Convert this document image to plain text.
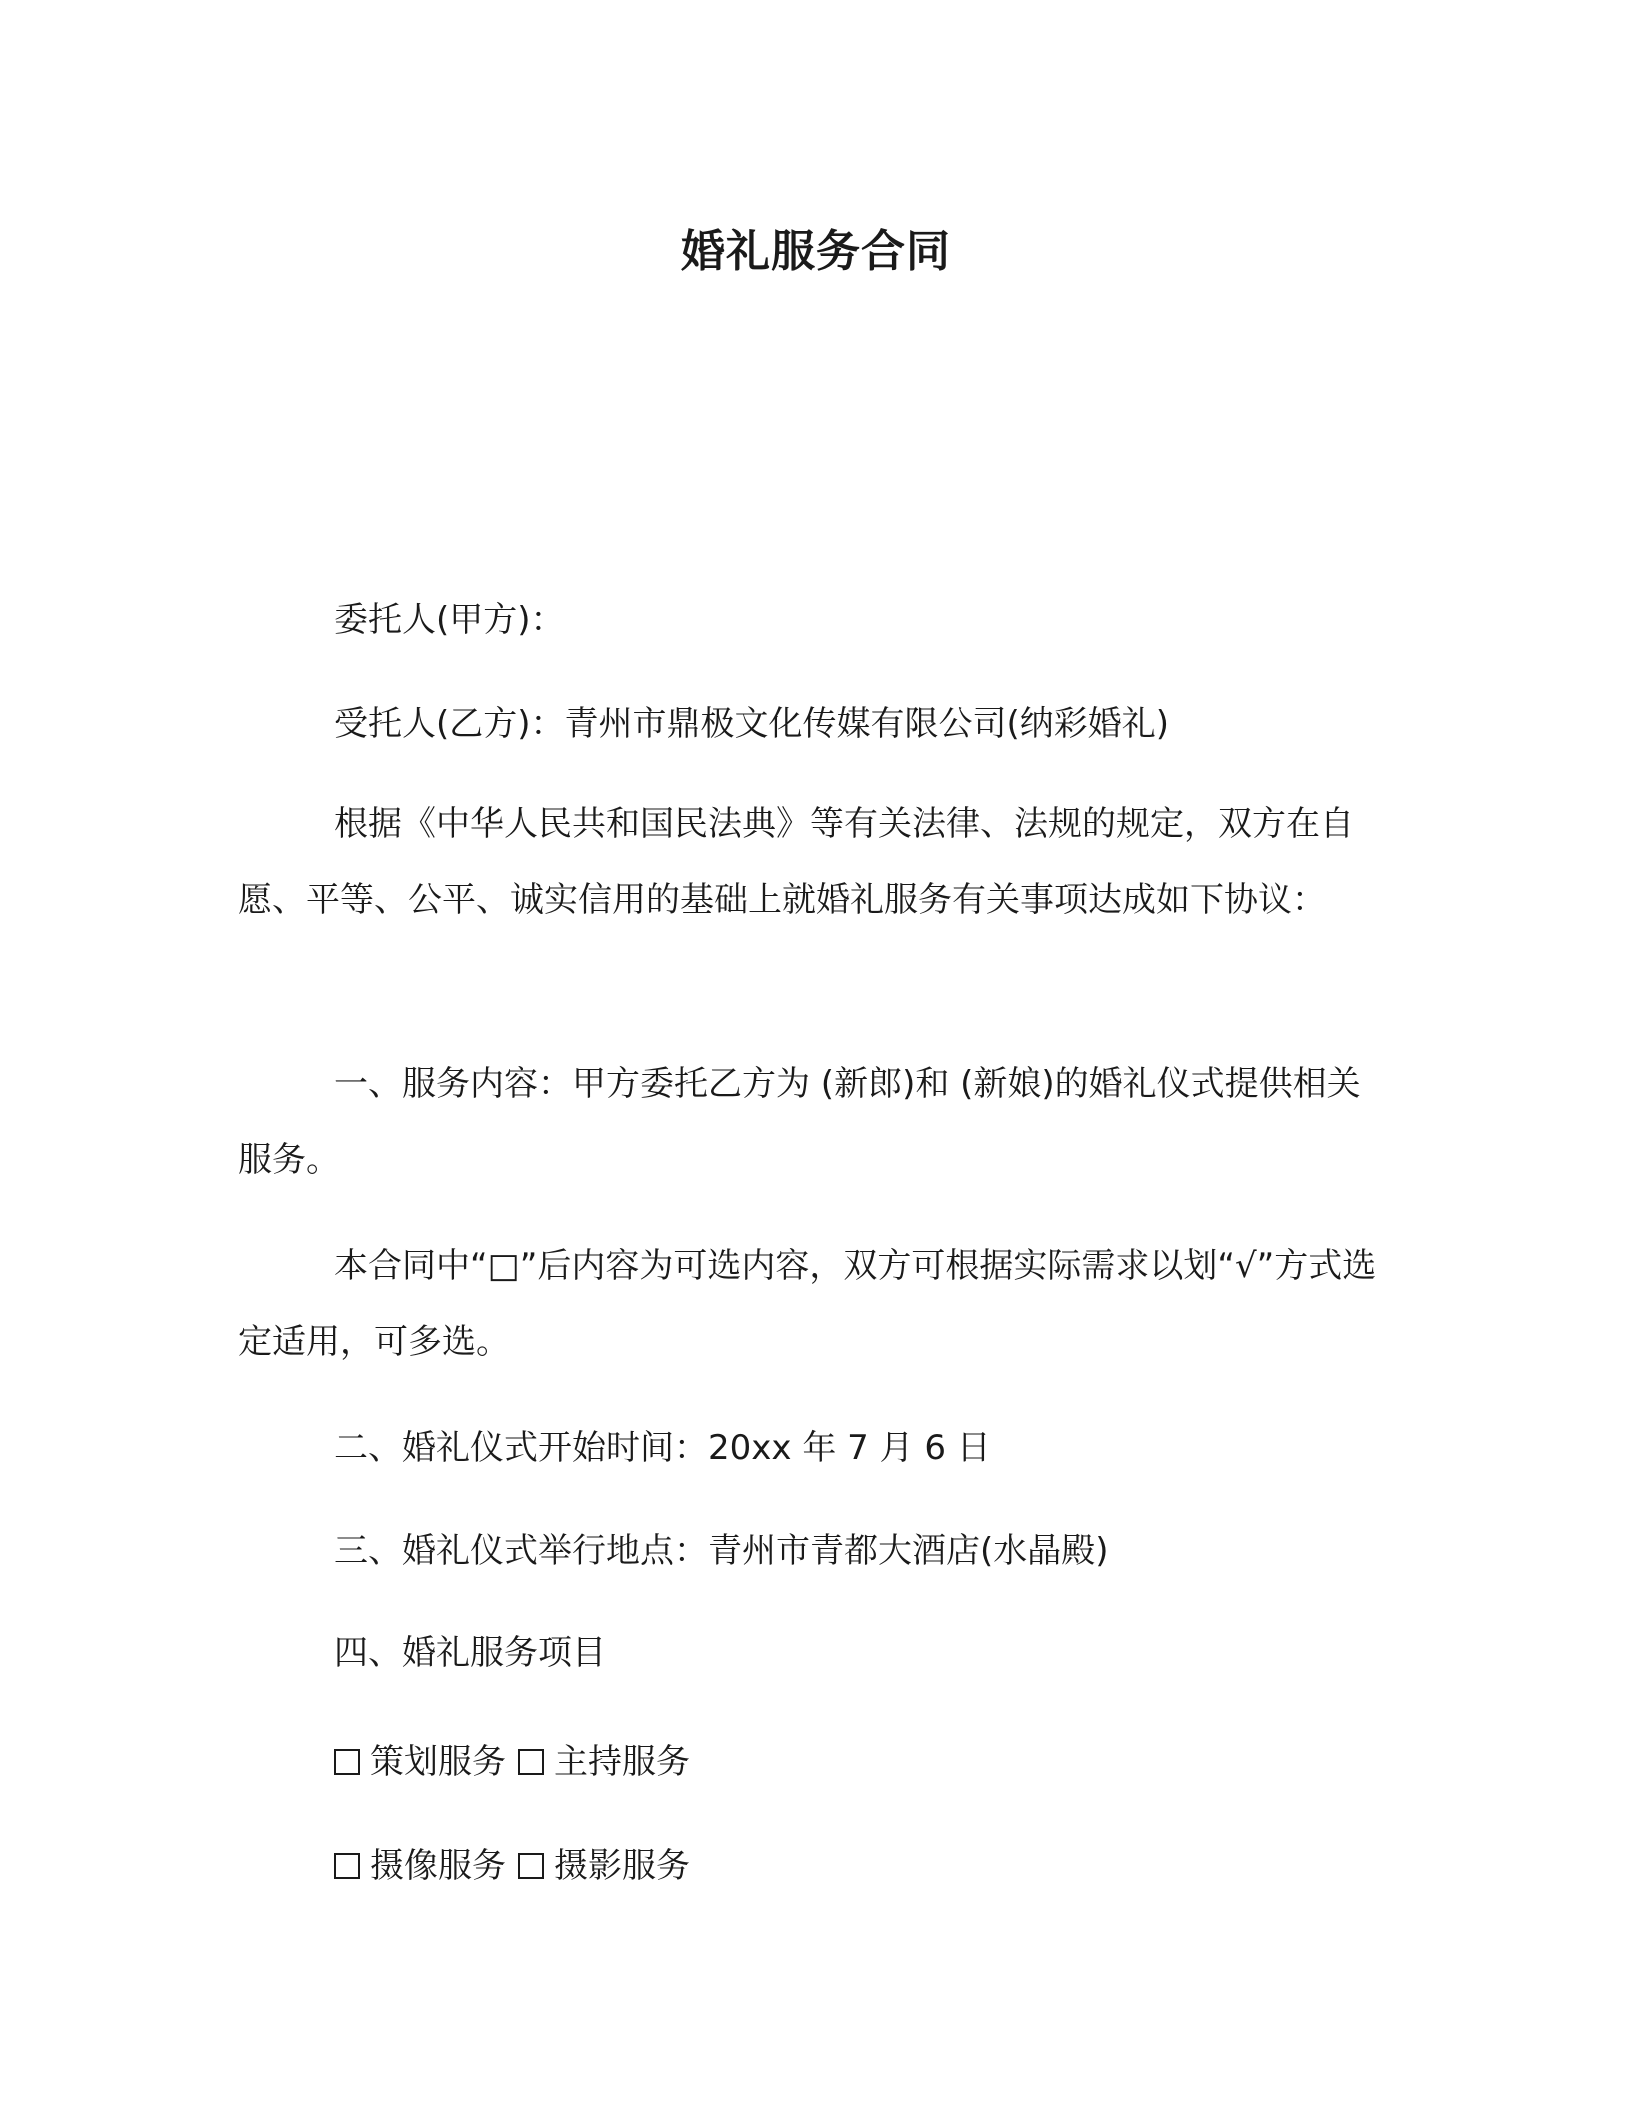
婚礼服务合同
委托人(甲方)：
受托人(乙方)：青州市鼎极文化传媒有限公司(纳彩婚礼)
根据《中华人民共和国民法典》等有关法律、法规的规定，双方在自愿、平等、公平、诚实信用的基础上就婚礼服务有关事项达成如下协议：
一、服务内容：甲方委托乙方为 (新郎)和 (新娘)的婚礼仪式提供相关服务。
本合同中“□”后内容为可选内容，双方可根据实际需求以划“√”方式选定适用，可多选。
二、婚礼仪式开始时间：20xx 年 7 月 6 日
三、婚礼仪式举行地点：青州市青都大酒店(水晶殿)
四、婚礼服务项目
策划服务 主持服务
摄像服务 摄影服务
